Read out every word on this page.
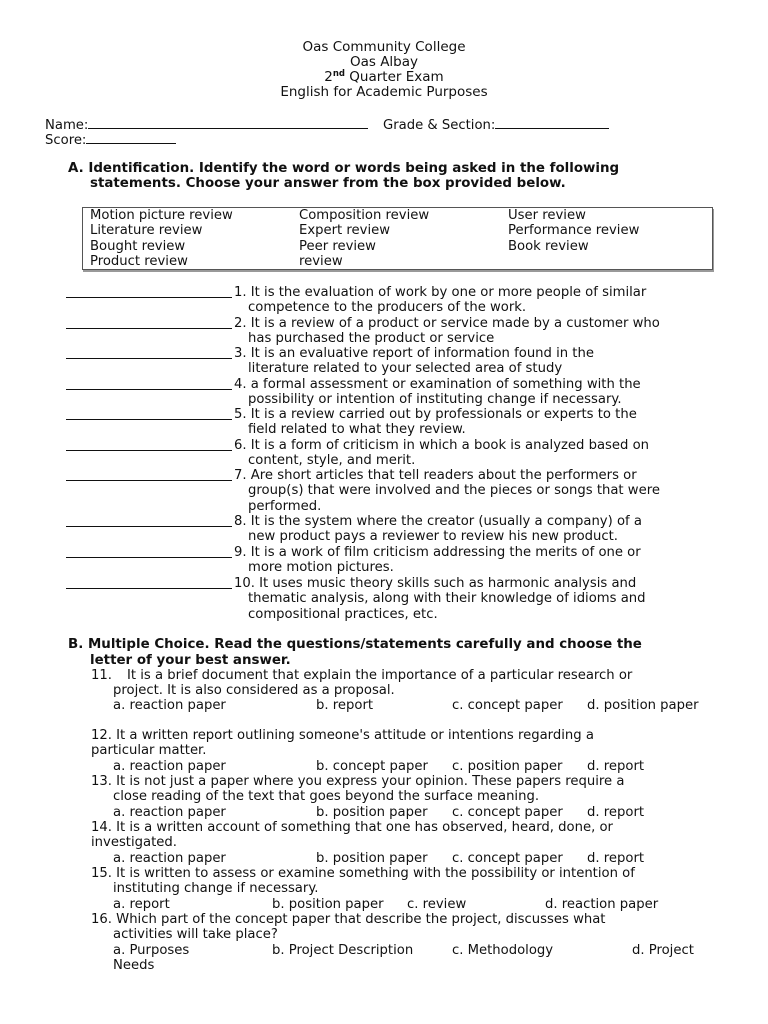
Oas Community College
Oas Albay
2nd Quarter Exam
English for Academic Purposes
Name:	Grade & Section:
Score:
A. Identification. Identify the word or words being asked in the following
statements. Choose your answer from the box provided below.
Motion picture review	Composition review	User review
Literature review	Expert review	Performance review
Bought review	Peer review	Book review
Product review	review	
1. It is the evaluation of work by one or more people of similar
competence to the producers of the work.
2. It is a review of a product or service made by a customer who
has purchased the product or service
3. It is an evaluative report of information found in the
literature related to your selected area of study
4. a formal assessment or examination of something with the
possibility or intention of instituting change if necessary.
5. It is a review carried out by professionals or experts to the
field related to what they review.
6. It is a form of criticism in which a book is analyzed based on
content, style, and merit.
7. Are short articles that tell readers about the performers or
group(s) that were involved and the pieces or songs that were
performed.
8. It is the system where the creator (usually a company) of a
new product pays a reviewer to review his new product.
9. It is a work of film criticism addressing the merits of one or
more motion pictures.
10. It uses music theory skills such as harmonic analysis and
thematic analysis, along with their knowledge of idioms and
compositional practices, etc.
B. Multiple Choice. Read the questions/statements carefully and choose the
letter of your best answer.
11. It is a brief document that explain the importance of a particular research or
project. It is also considered as a proposal.
a. reaction paper	b. report	c. concept paper d. position paper
12. It a written report outlining someone's attitude or intentions regarding a
particular matter.
a. reaction paper	b. concept paper c. position paper d. report
13. It is not just a paper where you express your opinion. These papers require a
close reading of the text that goes beyond the surface meaning.
a. reaction paper	b. position paper c. concept paper d. report
14. It is a written account of something that one has observed, heard, done, or
investigated.
a. reaction paper	b. position paper c. concept paper d. report
15. It is written to assess or examine something with the possibility or intention of
instituting change if necessary.
a. report	b. position paper c. review	d. reaction paper
16. Which part of the concept paper that describe the project, discusses what
activities will take place?
a. Purposes	b. Project Description	c. Methodology	d. Project
Needs
